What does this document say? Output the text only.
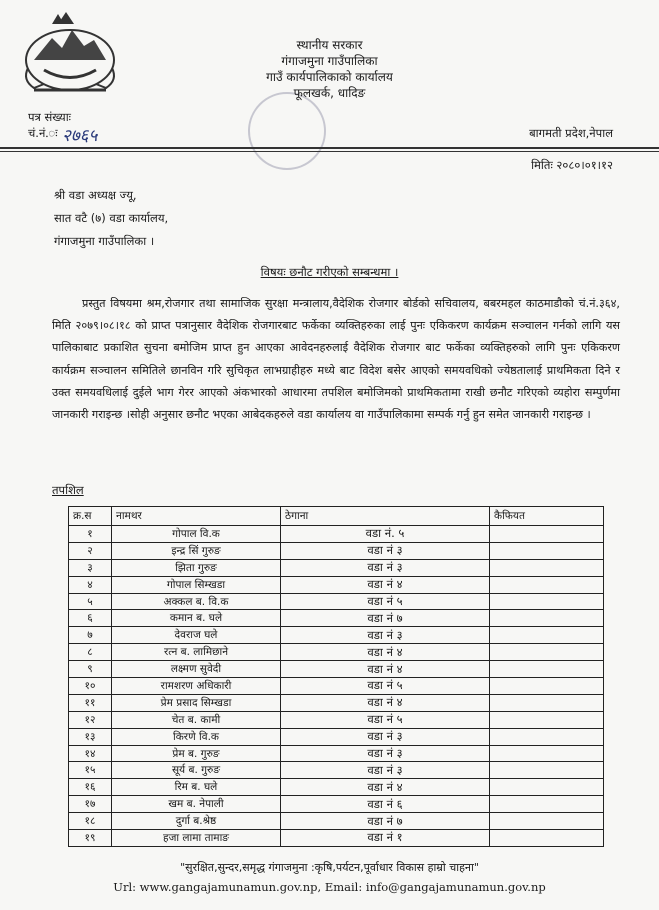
स्थानीय सरकार
गंगाजमुना गाउँपालिका
गाउँ कार्यपालिकाको कार्यालय
फूलखर्क, धादिङ
पत्र संख्याः
चं.नं.ः २७६५	बागमती प्रदेश,नेपाल
मितिः २०८०।०१।१२
श्री वडा अध्यक्ष ज्यू,
सात वटै (७) वडा कार्यालय,
गंगाजमुना गाउँपालिका ।
विषयः छनौट गरीएको सम्बन्धमा ।
प्रस्तुत विषयमा श्रम,रोजगार तथा सामाजिक सुरक्षा मन्त्रालाय,वैदेशिक रोजगार बोर्डको सचिवालय, बबरमहल काठमाडौको चं.नं.३६४, मिति २०७९।०८।१८ को प्राप्त पत्रानुसार वैदेशिक रोजगारबाट फर्केका व्यक्तिहरुका लाई पुनः एकिकरण कार्यक्रम सञ्चालन गर्नको लागि यस पालिकाबाट प्रकाशित सुचना बमोजिम प्राप्त हुन आएका आवेदनहरुलाई वैदेशिक रोजगार बाट फर्केका व्यक्तिहरुको लागि पुनः एकिकरण कार्यक्रम सञ्चालन समितिले छानविन गरि सुचिकृत लाभग्राहीहरु मध्ये बाट विदेश बसेर आएको समयवधिको ज्येष्ठतालाई प्राथमिकता दिने र उक्त समयवधिलाई दुईले भाग गेरर आएको अंकभारको आधारमा तपशिल बमोजिमको प्राथमिकतामा राखी छनौट गरिएको व्यहोरा सम्पुर्णमा जानकारी गराइन्छ ।सोही अनुसार छनौट भएका आबेदकहरुले वडा कार्यालय वा गाउँपालिकामा सम्पर्क गर्नु हुन समेत जानकारी गराइन्छ ।
तपशिल
क्र.स	नामथर	ठेगाना	कैफियत
१	गोपाल वि.क	वडा नं. ५	
२	इन्द्र सिं गुरुङ	वडा नं ३	
३	झिता गुरुङ	वडा नं ३	
४	गोपाल सिम्खडा	वडा नं ४	
५	अक्कल ब. वि.क	वडा नं ५	
६	कमान ब. घले	वडा नं ७	
७	देवराज घले	वडा नं ३	
८	रत्न ब. लामिछाने	वडा नं ४	
९	लक्ष्मण सुवेदी	वडा नं ४	
१०	रामशरण अधिकारी	वडा नं ५	
११	प्रेम प्रसाद सिम्खडा	वडा नं ४	
१२	चेत ब. कामी	वडा नं ५	
१३	किरणे वि.क	वडा नं ३	
१४	प्रेम ब. गुरुङ	वडा नं ३	
१५	सूर्य ब. गुरुङ	वडा नं ३	
१६	रिम ब. घले	वडा नं ४	
१७	खम ब. नेपाली	वडा नं ६	
१८	दुर्गा ब.श्रेष्ठ	वडा नं ७	
१९	हजा लामा तामाङ	वडा नं १	
"सुरक्षित,सुन्दर,समृद्ध गंगाजमुना :कृषि,पर्यटन,पूर्वाधार विकास हाम्रो चाहना"
Url: www.gangajamunamun.gov.np, Email: info@gangajamunamun.gov.np
